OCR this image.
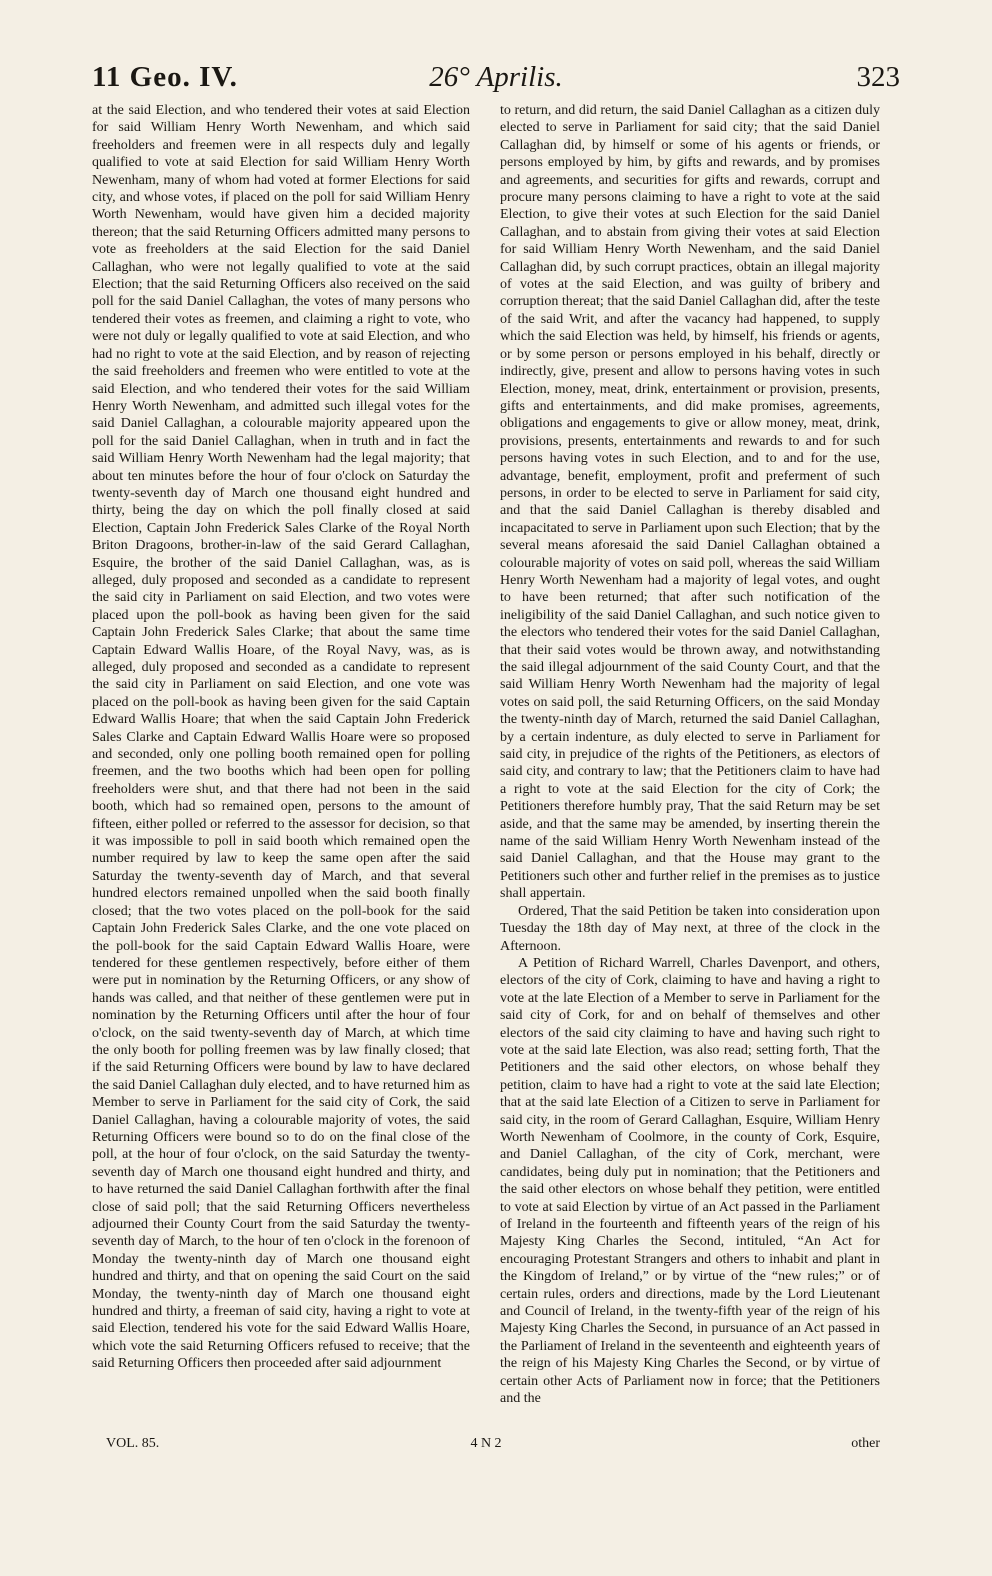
11 Geo. IV.	26° Aprilis.	323

at the said Election, and who tendered their votes at said Election for said William Henry Worth Newenham, and which said freeholders and freemen were in all respects duly and legally qualified to vote at said Election for said William Henry Worth Newenham, many of whom had voted at former Elections for said city, and whose votes, if placed on the poll for said William Henry Worth Newenham, would have given him a decided majority thereon; that the said Returning Officers admitted many persons to vote as freeholders at the said Election for the said Daniel Callaghan, who were not legally qualified to vote at the said Election; that the said Returning Officers also received on the said poll for the said Daniel Callaghan, the votes of many persons who tendered their votes as freemen, and claiming a right to vote, who were not duly or legally qualified to vote at said Election, and who had no right to vote at the said Election, and by reason of rejecting the said freeholders and freemen who were entitled to vote at the said Election, and who tendered their votes for the said William Henry Worth Newenham, and admitted such illegal votes for the said Daniel Callaghan, a colourable majority appeared upon the poll for the said Daniel Callaghan, when in truth and in fact the said William Henry Worth Newenham had the legal majority; that about ten minutes before the hour of four o'clock on Saturday the twenty-seventh day of March one thousand eight hundred and thirty, being the day on which the poll finally closed at said Election, Captain John Frederick Sales Clarke of the Royal North Briton Dragoons, brother-in-law of the said Gerard Callaghan, Esquire, the brother of the said Daniel Callaghan, was, as is alleged, duly proposed and seconded as a candidate to represent the said city in Parliament on said Election, and two votes were placed upon the poll-book as having been given for the said Captain John Frederick Sales Clarke; that about the same time Captain Edward Wallis Hoare, of the Royal Navy, was, as is alleged, duly proposed and seconded as a candidate to represent the said city in Parliament on said Election, and one vote was placed on the poll-book as having been given for the said Captain Edward Wallis Hoare; that when the said Captain John Frederick Sales Clarke and Captain Edward Wallis Hoare were so proposed and seconded, only one polling booth remained open for polling freemen, and the two booths which had been open for polling freeholders were shut, and that there had not been in the said booth, which had so remained open, persons to the amount of fifteen, either polled or referred to the assessor for decision, so that it was impossible to poll in said booth which remained open the number required by law to keep the same open after the said Saturday the twenty-seventh day of March, and that several hundred electors remained unpolled when the said booth finally closed; that the two votes placed on the poll-book for the said Captain John Frederick Sales Clarke, and the one vote placed on the poll-book for the said Captain Edward Wallis Hoare, were tendered for these gentlemen respectively, before either of them were put in nomination by the Returning Officers, or any show of hands was called, and that neither of these gentlemen were put in nomination by the Returning Officers until after the hour of four o'clock, on the said twenty-seventh day of March, at which time the only booth for polling freemen was by law finally closed; that if the said Returning Officers were bound by law to have declared the said Daniel Callaghan duly elected, and to have returned him as Member to serve in Parliament for the said city of Cork, the said Daniel Callaghan, having a colourable majority of votes, the said Returning Officers were bound so to do on the final close of the poll, at the hour of four o'clock, on the said Saturday the twenty-seventh day of March one thousand eight hundred and thirty, and to have returned the said Daniel Callaghan forthwith after the final close of said poll; that the said Returning Officers nevertheless adjourned their County Court from the said Saturday the twenty-seventh day of March, to the hour of ten o'clock in the forenoon of Monday the twenty-ninth day of March one thousand eight hundred and thirty, and that on opening the said Court on the said Monday, the twenty-ninth day of March one thousand eight hundred and thirty, a freeman of said city, having a right to vote at said Election, tendered his vote for the said Edward Wallis Hoare, which vote the said Returning Officers refused to receive; that the said Returning Officers then proceeded after said adjournment

to return, and did return, the said Daniel Callaghan as a citizen duly elected to serve in Parliament for said city; that the said Daniel Callaghan did, by himself or some of his agents or friends, or persons employed by him, by gifts and rewards, and by promises and agreements, and securities for gifts and rewards, corrupt and procure many persons claiming to have a right to vote at the said Election, to give their votes at such Election for the said Daniel Callaghan, and to abstain from giving their votes at said Election for said William Henry Worth Newenham, and the said Daniel Callaghan did, by such corrupt practices, obtain an illegal majority of votes at the said Election, and was guilty of bribery and corruption thereat; that the said Daniel Callaghan did, after the teste of the said Writ, and after the vacancy had happened, to supply which the said Election was held, by himself, his friends or agents, or by some person or persons employed in his behalf, directly or indirectly, give, present and allow to persons having votes in such Election, money, meat, drink, entertainment or provision, presents, gifts and entertainments, and did make promises, agreements, obligations and engagements to give or allow money, meat, drink, provisions, presents, entertainments and rewards to and for such persons having votes in such Election, and to and for the use, advantage, benefit, employment, profit and preferment of such persons, in order to be elected to serve in Parliament for said city, and that the said Daniel Callaghan is thereby disabled and incapacitated to serve in Parliament upon such Election; that by the several means aforesaid the said Daniel Callaghan obtained a colourable majority of votes on said poll, whereas the said William Henry Worth Newenham had a majority of legal votes, and ought to have been returned; that after such notification of the ineligibility of the said Daniel Callaghan, and such notice given to the electors who tendered their votes for the said Daniel Callaghan, that their said votes would be thrown away, and notwithstanding the said illegal adjournment of the said County Court, and that the said William Henry Worth Newenham had the majority of legal votes on said poll, the said Returning Officers, on the said Monday the twenty-ninth day of March, returned the said Daniel Callaghan, by a certain indenture, as duly elected to serve in Parliament for said city, in prejudice of the rights of the Petitioners, as electors of said city, and contrary to law; that the Petitioners claim to have had a right to vote at the said Election for the city of Cork; the Petitioners therefore humbly pray, That the said Return may be set aside, and that the same may be amended, by inserting therein the name of the said William Henry Worth Newenham instead of the said Daniel Callaghan, and that the House may grant to the Petitioners such other and further relief in the premises as to justice shall appertain.

Ordered, That the said Petition be taken into consideration upon Tuesday the 18th day of May next, at three of the clock in the Afternoon.

A Petition of Richard Warrell, Charles Davenport, and others, electors of the city of Cork, claiming to have and having a right to vote at the late Election of a Member to serve in Parliament for the said city of Cork, for and on behalf of themselves and other electors of the said city claiming to have and having such right to vote at the said late Election, was also read; setting forth, That the Petitioners and the said other electors, on whose behalf they petition, claim to have had a right to vote at the said late Election; that at the said late Election of a Citizen to serve in Parliament for said city, in the room of Gerard Callaghan, Esquire, William Henry Worth Newenham of Coolmore, in the county of Cork, Esquire, and Daniel Callaghan, of the city of Cork, merchant, were candidates, being duly put in nomination; that the Petitioners and the said other electors on whose behalf they petition, were entitled to vote at said Election by virtue of an Act passed in the Parliament of Ireland in the fourteenth and fifteenth years of the reign of his Majesty King Charles the Second, intituled, “An Act for encouraging Protestant Strangers and others to inhabit and plant in the Kingdom of Ireland,” or by virtue of the “new rules;” or of certain rules, orders and directions, made by the Lord Lieutenant and Council of Ireland, in the twenty-fifth year of the reign of his Majesty King Charles the Second, in pursuance of an Act passed in the Parliament of Ireland in the seventeenth and eighteenth years of the reign of his Majesty King Charles the Second, or by virtue of certain other Acts of Parliament now in force; that the Petitioners and the

VOL. 85.	4 N 2	other
